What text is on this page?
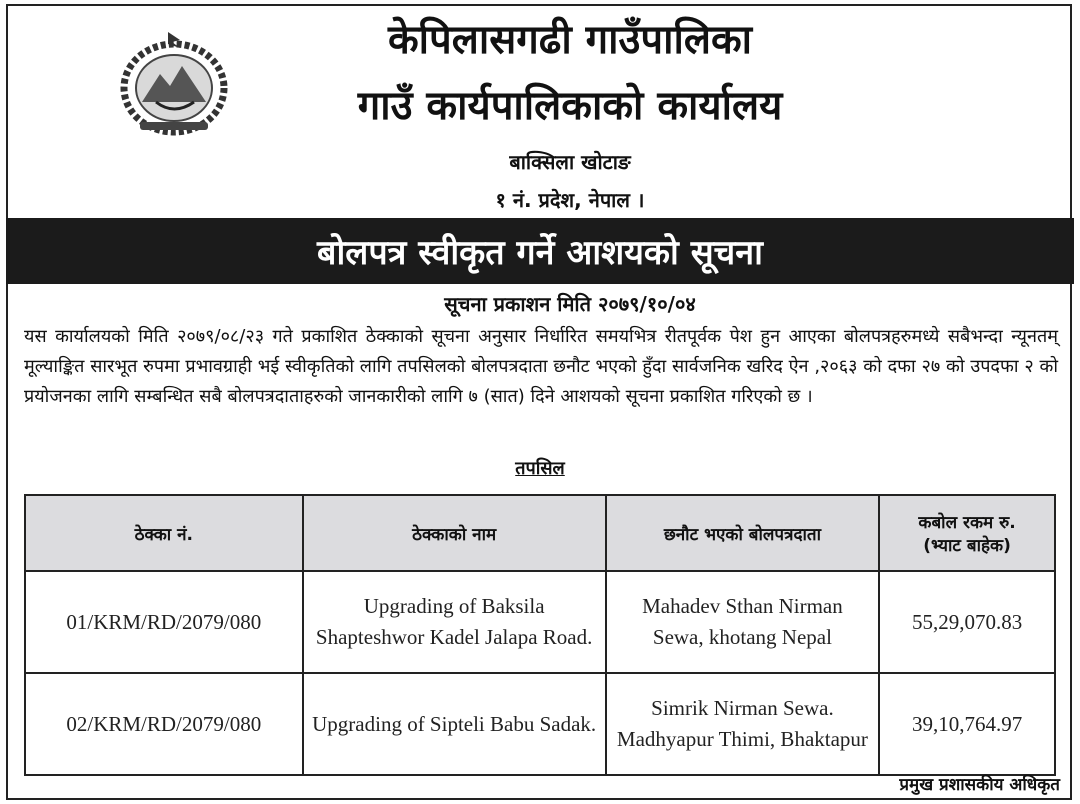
केपिलासगढी गाउँपालिका
गाउँ कार्यपालिकाको कार्यालय

बाक्सिला खोटाङ

१ नं. प्रदेश, नेपाल ।

बोलपत्र स्वीकृत गर्ने आशयको सूचना
सूचना प्रकाशन मिति २०७९/१०/०४

यस कार्यालयको मिति २०७९/०८/२३ गते प्रकाशित ठेक्काको सूचना अनुसार निर्धारित समयभित्र रीतपूर्वक पेश हुन आएका बोलपत्रहरुमध्ये सबैभन्दा न्यूनतम् मूल्याङ्कित सारभूत रुपमा प्रभावग्राही भई स्वीकृतिको लागि तपसिलको बोलपत्रदाता छनौट भएको हुँदा सार्वजनिक खरिद ऐन ,२०६३ को दफा २७ को उपदफा २ को प्रयोजनका लागि सम्बन्धित सबै बोलपत्रदाताहरुको जानकारीको लागि ७ (सात) दिने आशयको सूचना प्रकाशित गरिएको छ ।

तपसिल
ठेक्का नं.	ठेक्काको नाम	छनौट भएको बोलपत्रदाता	कबोल रकम रु.
(भ्याट बाहेक)
01/KRM/RD/2079/080	Upgrading of Baksila Shapteshwor Kadel Jalapa Road.	Mahadev Sthan Nirman Sewa, khotang Nepal	55,29,070.83
02/KRM/RD/2079/080	Upgrading of Sipteli Babu Sadak.	Simrik Nirman Sewa. Madhyapur Thimi, Bhaktapur	39,10,764.97
प्रमुख प्रशासकीय अधिकृत
